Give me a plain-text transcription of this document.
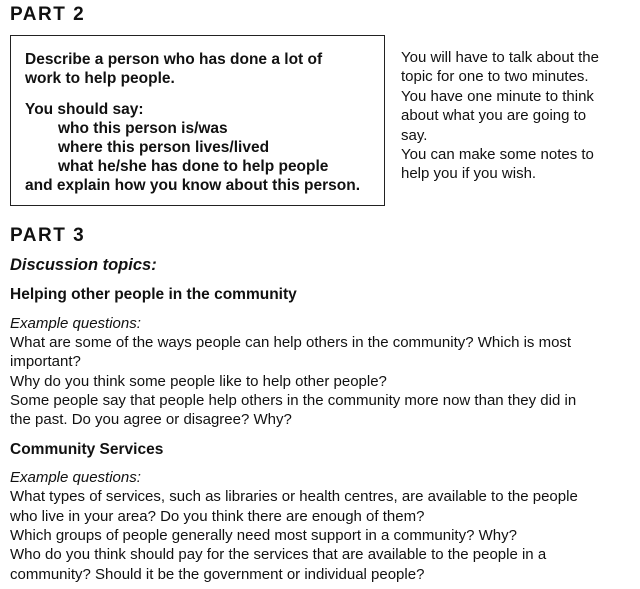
PART 2
Describe a person who has done a lot of
work to help people.
You should say:
who this person is/was
where this person lives/lived
what he/she has done to help people
and explain how you know about this person.
You will have to talk about the
topic for one to two minutes.
You have one minute to think
about what you are going to
say.
You can make some notes to
help you if you wish.
PART 3
Discussion topics:
Helping other people in the community
Example questions:
What are some of the ways people can help others in the community? Which is most
important?
Why do you think some people like to help other people?
Some people say that people help others in the community more now than they did in
the past. Do you agree or disagree? Why?
Community Services
Example questions:
What types of services, such as libraries or health centres, are available to the people
who live in your area? Do you think there are enough of them?
Which groups of people generally need most support in a community? Why?
Who do you think should pay for the services that are available to the people in a
community? Should it be the government or individual people?
